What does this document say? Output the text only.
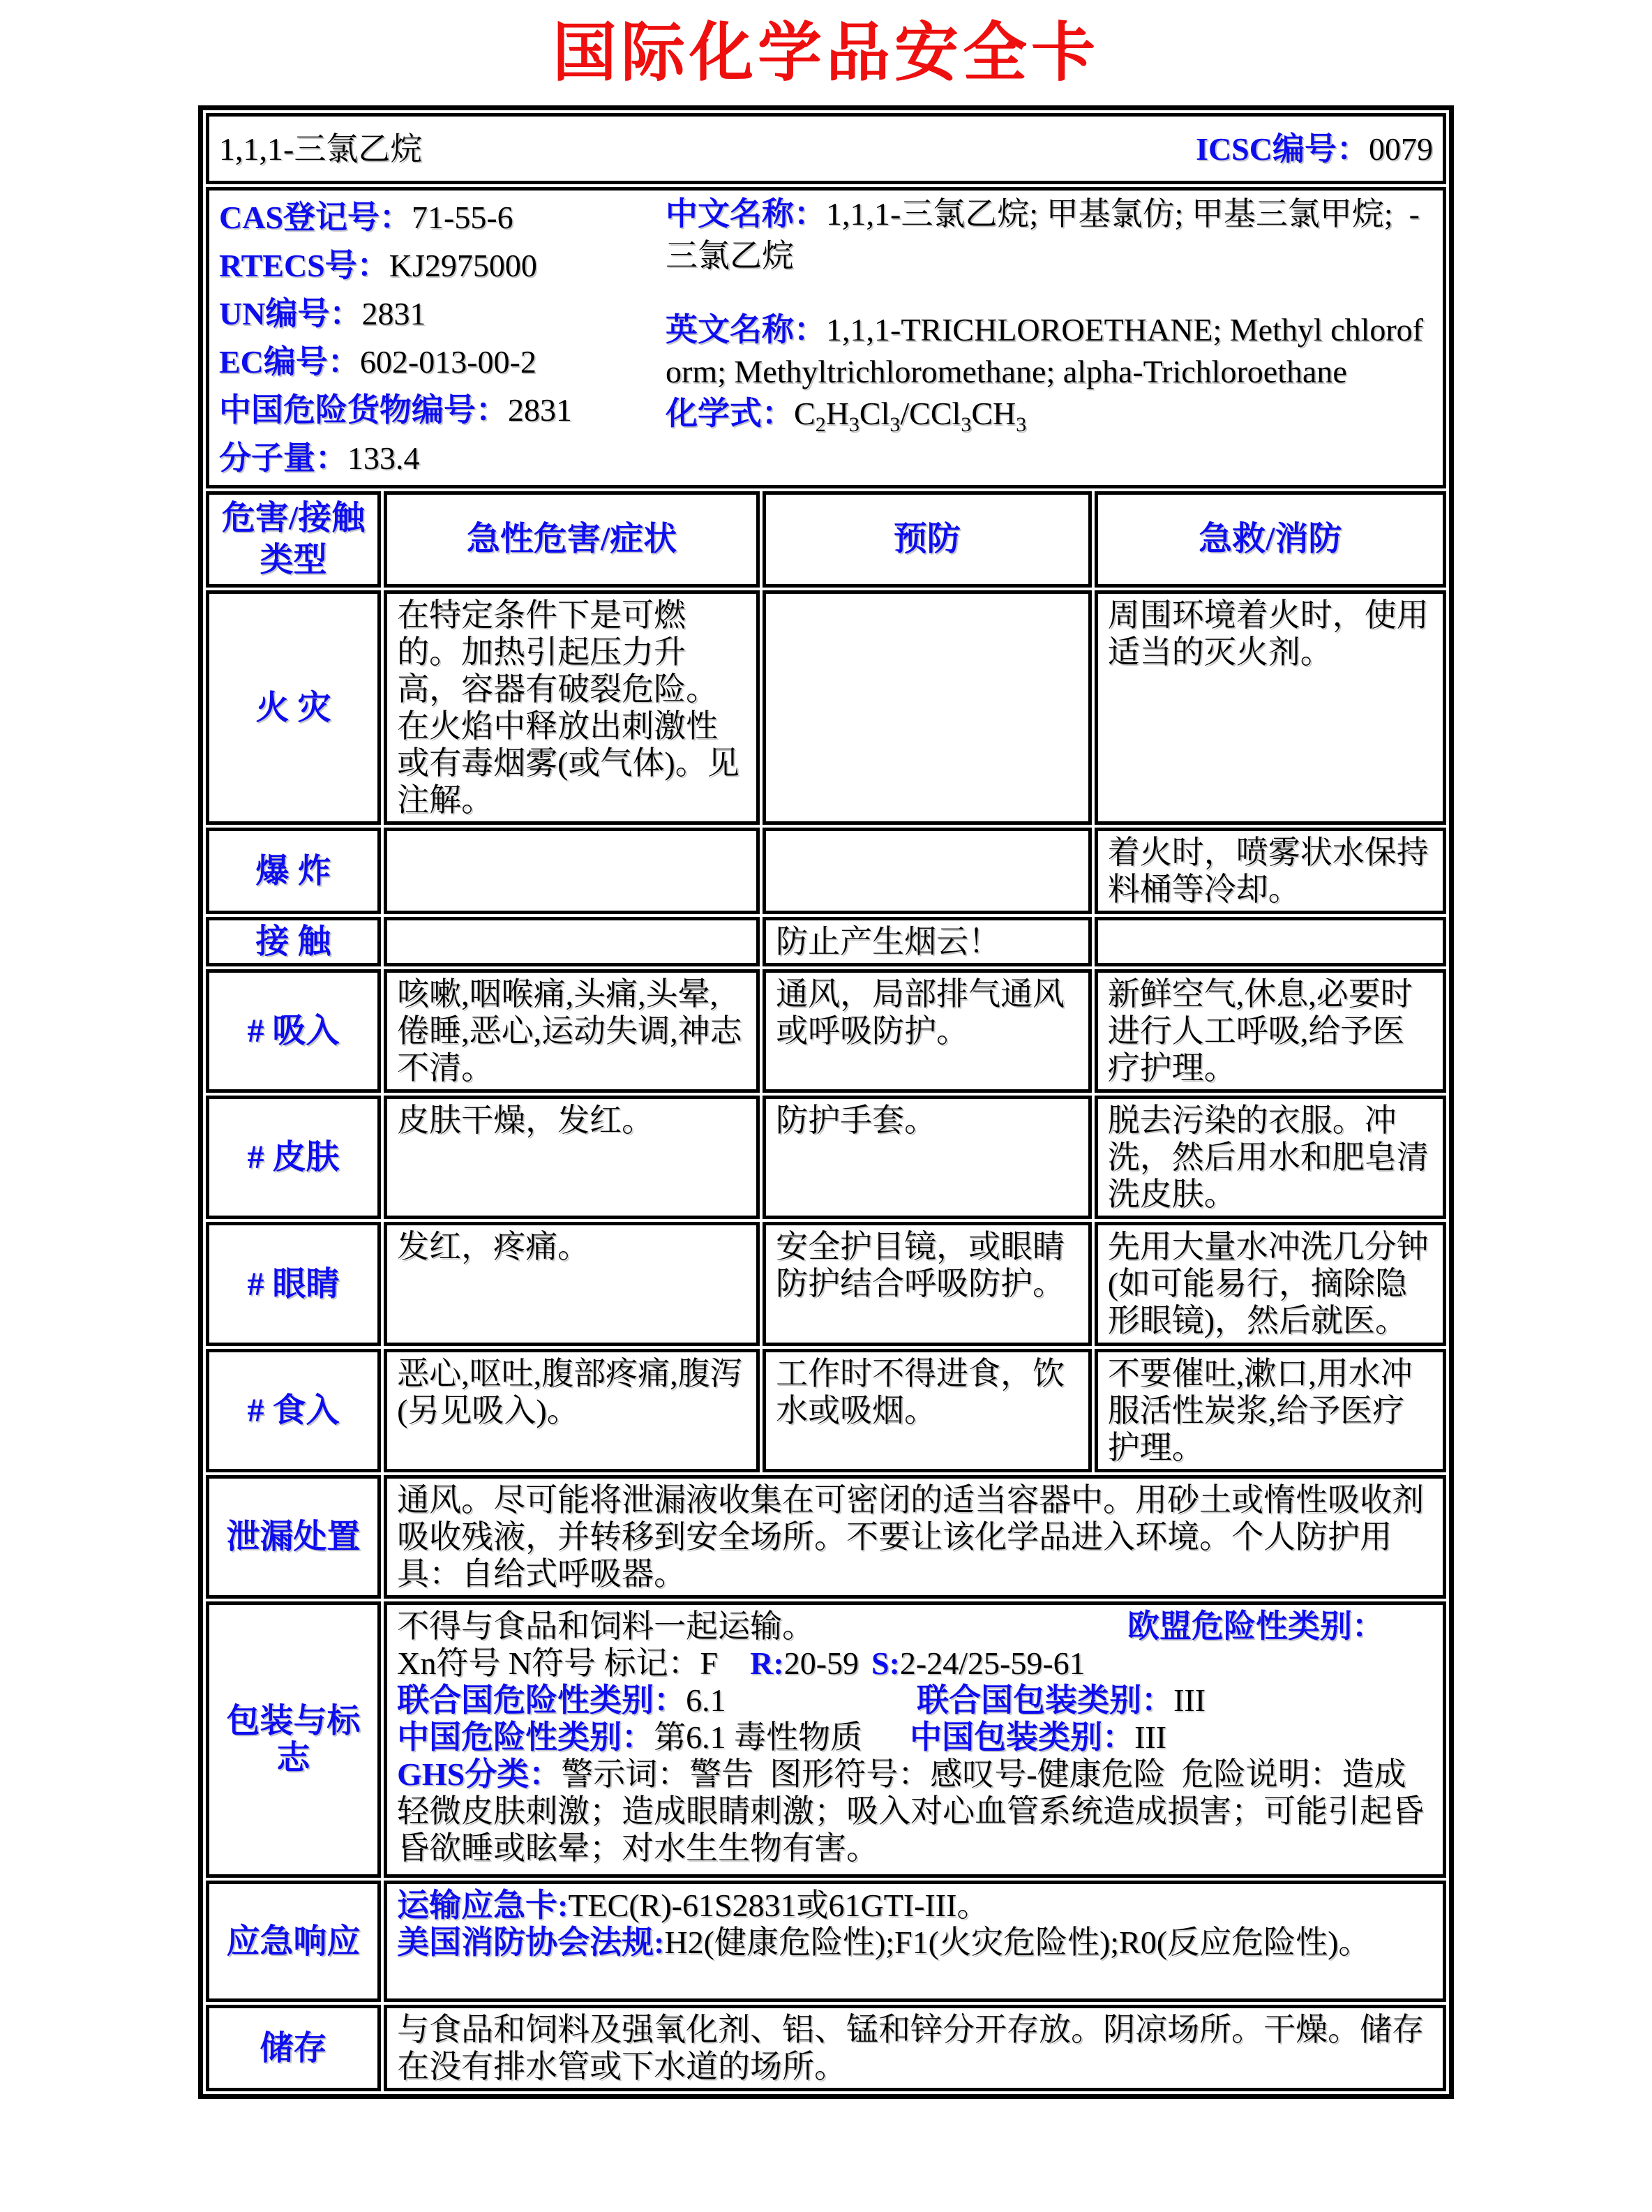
国际化学品安全卡
1,1,1-三氯乙烷 ICSC编号：0079			

CAS登记号：71-55-6
RTECS号：KJ2975000
UN编号：2831
EC编号：602-013-00-2
中国危险货物编号：2831
分子量：133.4

中文名称：1,1,1-三氯乙烷; 甲基氯仿; 甲基三氯甲烷;  -三氯乙烷

英文名称：1,1,1-TRICHLOROETHANE; Methyl chloroform; Methyltrichloromethane; alpha-Trichloroethane

化学式：$C_2H_3Cl_3/CCl_3CH_3$

危害/接触
类型	急性危害/症状	预防	急救/消防
火 灾	在特定条件下是可燃的。加热引起压力升高，容器有破裂危险。在火焰中释放出刺激性或有毒烟雾(或气体)。见注解。		周围环境着火时，使用适当的灭火剂。
爆 炸			着火时，喷雾状水保持料桶等冷却。
接 触		防止产生烟云！	
# 吸入	咳嗽,咽喉痛,头痛,头晕,倦睡,恶心,运动失调,神志不清。	通风，局部排气通风或呼吸防护。	新鲜空气,休息,必要时进行人工呼吸,给予医疗护理。
# 皮肤	皮肤干燥，发红。	防护手套。	脱去污染的衣服。冲洗，然后用水和肥皂清洗皮肤。
# 眼睛	发红，疼痛。	安全护目镜，或眼睛防护结合呼吸防护。	先用大量水冲洗几分钟(如可能易行，摘除隐形眼镜)，然后就医。
# 食入	恶心,呕吐,腹部疼痛,腹泻(另见吸入)。	工作时不得进食，饮水或吸烟。	不要催吐,漱口,用水冲服活性炭浆,给予医疗护理。
泄漏处置	通风。尽可能将泄漏液收集在可密闭的适当容器中。用砂土或惰性吸收剂吸收残液，并转移到安全场所。不要让该化学品进入环境。个人防护用具：自给式呼吸器。		
包装与标志	
不得与食品和饲料一起运输。	欧盟危险性类别：
Xn符号 N符号 标记：F R:20-59 S:2-24/25-59-61
联合国危险性类别：6.1	联合国包装类别：III
中国危险性类别：第6.1 毒性物质 中国包装类别：III
GHS分类：警示词：警告  图形符号：感叹号-健康危险  危险说明：造成轻微皮肤刺激；造成眼睛刺激；吸入对心血管系统造成损害；可能引起昏昏欲睡或眩晕；对水生生物有害。

应急响应	运输应急卡:TEC(R)-61S2831或61GTI-III。
美国消防协会法规:H2(健康危险性);F1(火灾危险性);R0(反应危险性)。		

储存	与食品和饲料及强氧化剂、铝、锰和锌分开存放。阴凉场所。干燥。储存在没有排水管或下水道的场所。		
